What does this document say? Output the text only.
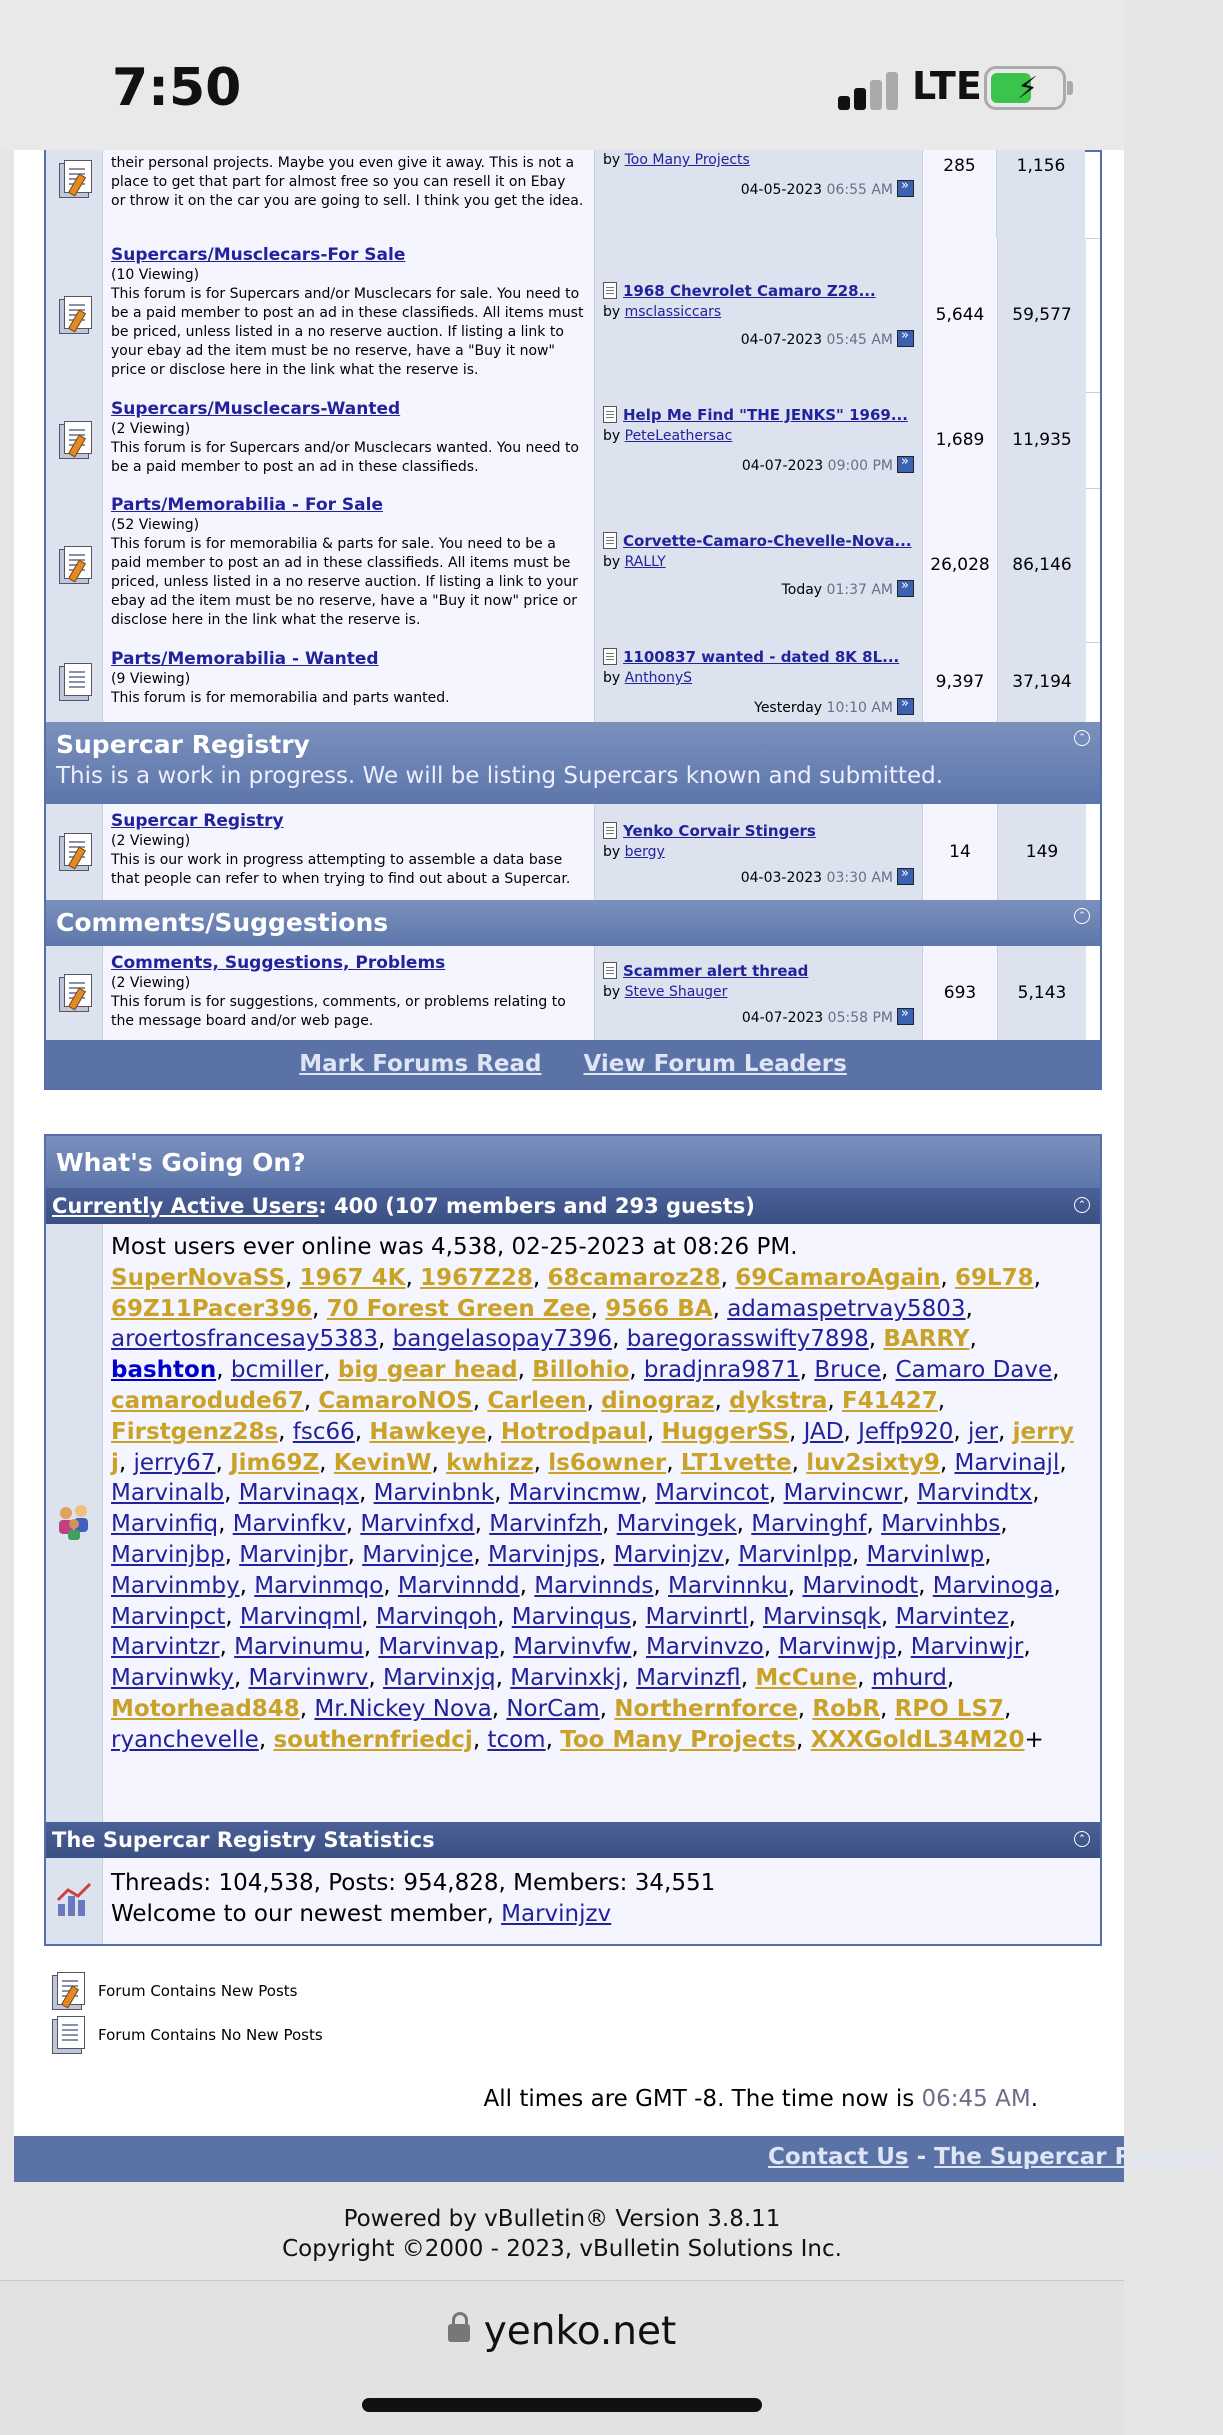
7:50	LTE ⚡
their personal projects. Maybe you even give it away. This is not a place to get that part for almost free so you can resell it on Ebay or throw it on the car you are going to sell. I think you get the idea.
by Too Many Projects
04-05-2023 06:55 AM»
285	1,156
Supercars/Musclecars-For Sale
(10 Viewing)
This forum is for Supercars and/or Musclecars for sale. You need to be a paid member to post an ad in these classifieds. All items must be priced, unless listed in a no reserve auction. If listing a link to your ebay ad the item must be no reserve, have a "Buy it now" price or disclose here in the link what the reserve is.
1968 Chevrolet Camaro Z28...
by msclassiccars
04-07-2023 05:45 AM»
5,644	59,577
Supercars/Musclecars-Wanted
(2 Viewing)
This forum is for Supercars and/or Musclecars wanted. You need to be a paid member to post an ad in these classifieds.
Help Me Find "THE JENKS" 1969...
by PeteLeathersac
04-07-2023 09:00 PM»
1,689	11,935
Parts/Memorabilia - For Sale
(52 Viewing)
This forum is for memorabilia & parts for sale. You need to be a paid member to post an ad in these classifieds. All items must be priced, unless listed in a no reserve auction. If listing a link to your ebay ad the item must be no reserve, have a "Buy it now" price or disclose here in the link what the reserve is.
Corvette-Camaro-Chevelle-Nova...
by RALLY
Today 01:37 AM»
26,028	86,146
Parts/Memorabilia - Wanted
(9 Viewing)
This forum is for memorabilia and parts wanted.
1100837 wanted - dated 8K 8L...
by AnthonyS
Yesterday 10:10 AM»
9,397	37,194
Supercar Registry
This is a work in progress. We will be listing Supercars known and submitted.
⌃
Supercar Registry
(2 Viewing)
This is our work in progress attempting to assemble a data base that people can refer to when trying to find out about a Supercar.
Yenko Corvair Stingers
by bergy
04-03-2023 03:30 AM»
14	149
Comments/Suggestions	⌃
Comments, Suggestions, Problems
(2 Viewing)
This forum is for suggestions, comments, or problems relating to the message board and/or web page.
Scammer alert thread
by Steve Shauger
04-07-2023 05:58 PM»
693	5,143
Mark Forums Read View Forum Leaders
What's Going On?
Currently Active Users: 400 (107 members and 293 guests)	⌃
Most users ever online was 4,538, 02-25-2023 at 08:26 PM.
SuperNovaSS, 1967 4K, 1967Z28, 68camaroz28, 69CamaroAgain, 69L78, 69Z11Pacer396, 70 Forest Green Zee, 9566 BA, adamaspetrvay5803, aroertosfrancesay5383, bangelasopay7396, baregorasswifty7898, BARRY, bashton, bcmiller, big gear head, Billohio, bradjnra9871, Bruce, Camaro Dave, camarodude67, CamaroNOS, Carleen, dinograz, dykstra, F41427, Firstgenz28s, fsc66, Hawkeye, Hotrodpaul, HuggerSS, JAD, Jeffp920, jer, jerry j, jerry67, Jim69Z, KevinW, kwhizz, ls6owner, LT1vette, luv2sixty9, Marvinajl, Marvinalb, Marvinaqx, Marvinbnk, Marvincmw, Marvincot, Marvincwr, Marvindtx, Marvinfiq, Marvinfkv, Marvinfxd, Marvinfzh, Marvingek, Marvinghf, Marvinhbs, Marvinjbp, Marvinjbr, Marvinjce, Marvinjps, Marvinjzv, Marvinlpp, Marvinlwp, Marvinmby, Marvinmqo, Marvinndd, Marvinnds, Marvinnku, Marvinodt, Marvinoga, Marvinpct, Marvinqml, Marvinqoh, Marvinqus, Marvinrtl, Marvinsqk, Marvintez, Marvintzr, Marvinumu, Marvinvap, Marvinvfw, Marvinvzo, Marvinwjp, Marvinwjr, Marvinwky, Marvinwrv, Marvinxjq, Marvinxkj, Marvinzfl, McCune, mhurd, Motorhead848, Mr.Nickey Nova, NorCam, Northernforce, RobR, RPO LS7, ryanchevelle, southernfriedcj, tcom, Too Many Projects, XXXGoldL34M20+
The Supercar Registry Statistics	⌃
Threads: 104,538, Posts: 954,828, Members: 34,551
Welcome to our newest member, Marvinjzv
Forum Contains New Posts
Forum Contains No New Posts
All times are GMT -8. The time now is 06:45 AM.
Contact Us - The Supercar Registry
Powered by vBulletin® Version 3.8.11
Copyright ©2000 - 2023, vBulletin Solutions Inc.
yenko.net
